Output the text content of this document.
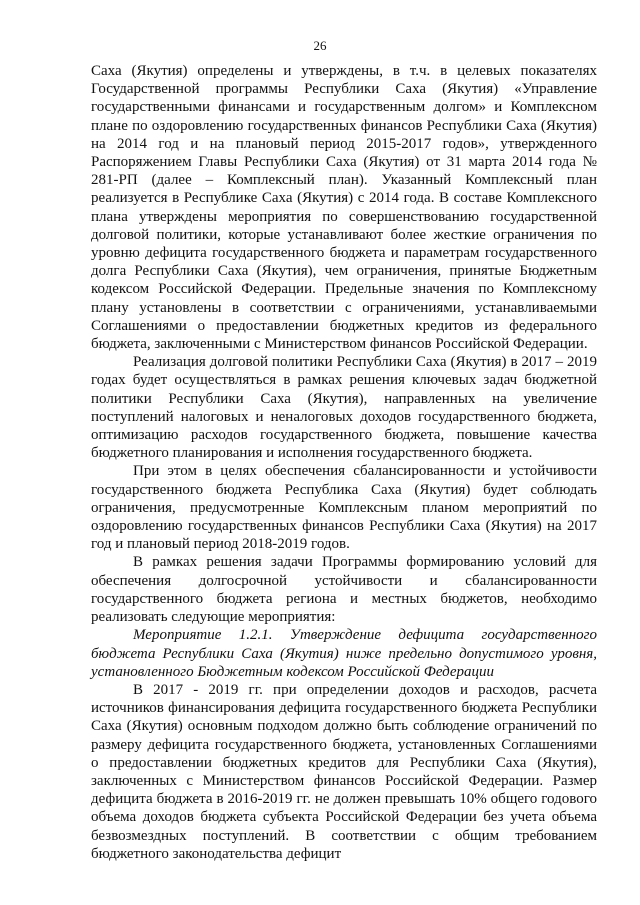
26

Саха (Якутия) определены и утверждены, в т.ч. в целевых показателях Государственной программы Республики Саха (Якутия) «Управление государственными финансами и государственным долгом» и Комплексном плане по оздоровлению государственных финансов Республики Саха (Якутия) на 2014 год и на плановый период 2015-2017 годов», утвержденного Распоряжением Главы Республики Саха (Якутия) от 31 марта 2014 года № 281-РП (далее – Комплексный план). Указанный Комплексный план реализуется в Республике Саха (Якутия) с 2014 года. В составе Комплексного плана утверждены мероприятия по совершенствованию государственной долговой политики, которые устанавливают более жесткие ограничения по уровню дефицита государственного бюджета и параметрам государственного долга Республики Саха (Якутия), чем ограничения, принятые Бюджетным кодексом Российской Федерации. Предельные значения по Комплексному плану установлены в соответствии с ограничениями, устанавливаемыми Соглашениями о предоставлении бюджетных кредитов из федерального бюджета, заключенными с Министерством финансов Российской Федерации.

Реализация долговой политики Республики Саха (Якутия) в 2017 – 2019 годах будет осуществляться в рамках решения ключевых задач бюджетной политики Республики Саха (Якутия), направленных на увеличение поступлений налоговых и неналоговых доходов государственного бюджета, оптимизацию расходов государственного бюджета, повышение качества бюджетного планирования и исполнения государственного бюджета.

При этом в целях обеспечения сбалансированности и устойчивости государственного бюджета Республика Саха (Якутия) будет соблюдать ограничения, предусмотренные Комплексным планом мероприятий по оздоровлению государственных финансов Республики Саха (Якутия) на 2017 год и плановый период 2018-2019 годов.

В рамках решения задачи Программы формированию условий для обеспечения долгосрочной устойчивости и сбалансированности государственного бюджета региона и местных бюджетов, необходимо реализовать следующие мероприятия:

Мероприятие 1.2.1. Утверждение дефицита государственного бюджета Республики Саха (Якутия) ниже предельно допустимого уровня, установленного Бюджетным кодексом Российской Федерации

В 2017 - 2019 гг. при определении доходов и расходов, расчета источников финансирования дефицита государственного бюджета Республики Саха (Якутия) основным подходом должно быть соблюдение ограничений по размеру дефицита государственного бюджета, установленных Соглашениями о предоставлении бюджетных кредитов для Республики Саха (Якутия), заключенных с Министерством финансов Российской Федерации. Размер дефицита бюджета в 2016-2019 гг. не должен превышать 10% общего годового объема доходов бюджета субъекта Российской Федерации без учета объема безвозмездных поступлений. В соответствии с общим требованием бюджетного законодательства дефицит
